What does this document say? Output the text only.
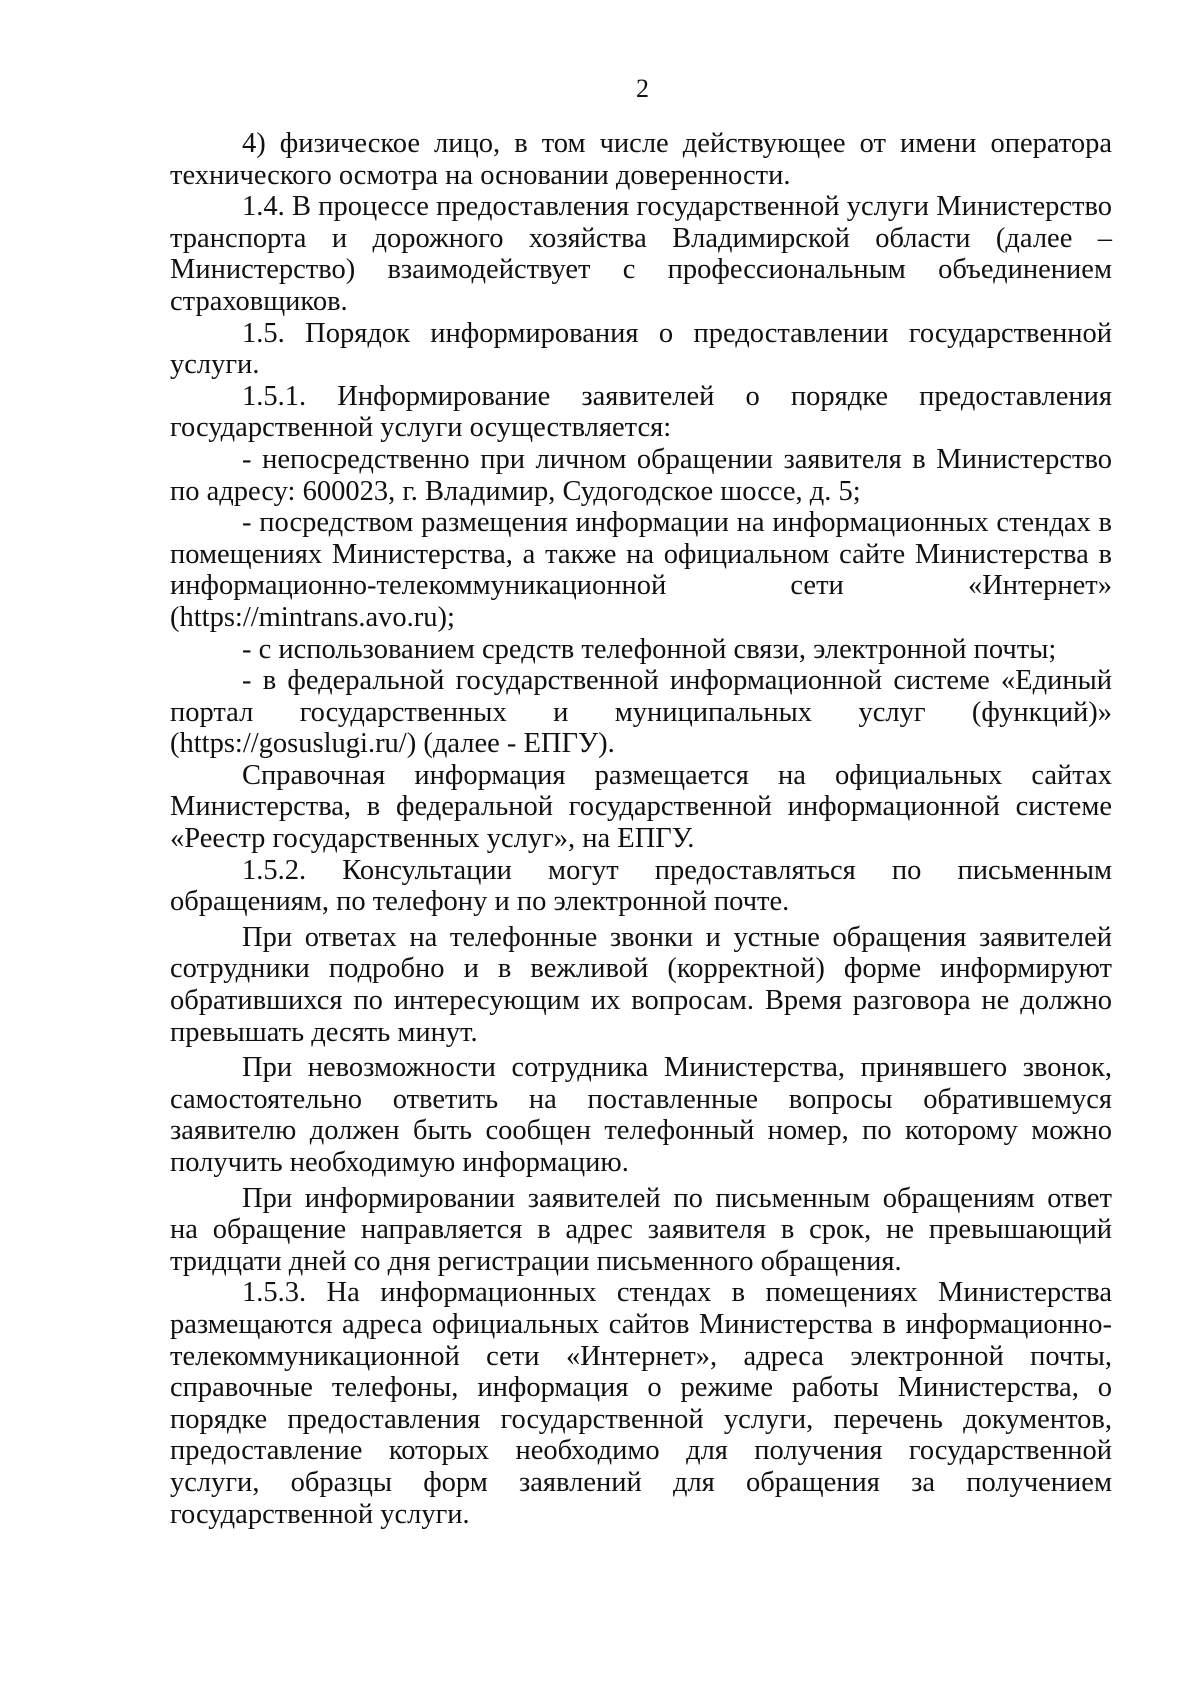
2

4) физическое лицо, в том числе действующее от имени оператора технического осмотра на основании доверенности.

1.4. В процессе предоставления государственной услуги Министерство транспорта и дорожного хозяйства Владимирской области (далее – Министерство) взаимодействует с профессиональным объединением страховщиков.

1.5. Порядок информирования о предоставлении государственной услуги.

1.5.1. Информирование заявителей о порядке предоставления государственной услуги осуществляется:

- непосредственно при личном обращении заявителя в Министерство по адресу: 600023, г. Владимир, Судогодское шоссе, д. 5;

- посредством размещения информации на информационных стендах в помещениях Министерства, а также на официальном сайте Министерства в информационно-телекоммуникационной сети «Интернет» (https://mintrans.avo.ru);

- с использованием средств телефонной связи, электронной почты;

- в федеральной государственной информационной системе «Единый портал государственных и муниципальных услуг (функций)» (https://gosuslugi.ru/) (далее - ЕПГУ).

Справочная информация размещается на официальных сайтах Министерства, в федеральной государственной информационной системе «Реестр государственных услуг», на ЕПГУ.

1.5.2. Консультации могут предоставляться по письменным обращениям, по телефону и по электронной почте.

При ответах на телефонные звонки и устные обращения заявителей сотрудники подробно и в вежливой (корректной) форме информируют обратившихся по интересующим их вопросам. Время разговора не должно превышать десять минут.

При невозможности сотрудника Министерства, принявшего звонок, самостоятельно ответить на поставленные вопросы обратившемуся заявителю должен быть сообщен телефонный номер, по которому можно получить необходимую информацию.

При информировании заявителей по письменным обращениям ответ на обращение направляется в адрес заявителя в срок, не превышающий тридцати дней со дня регистрации письменного обращения.

1.5.3. На информационных стендах в помещениях Министерства размещаются адреса официальных сайтов Министерства в информационно-телекоммуникационной сети «Интернет», адреса электронной почты, справочные телефоны, информация о режиме работы Министерства, о порядке предоставления государственной услуги, перечень документов, предоставление которых необходимо для получения государственной услуги, образцы форм заявлений для обращения за получением государственной услуги.
